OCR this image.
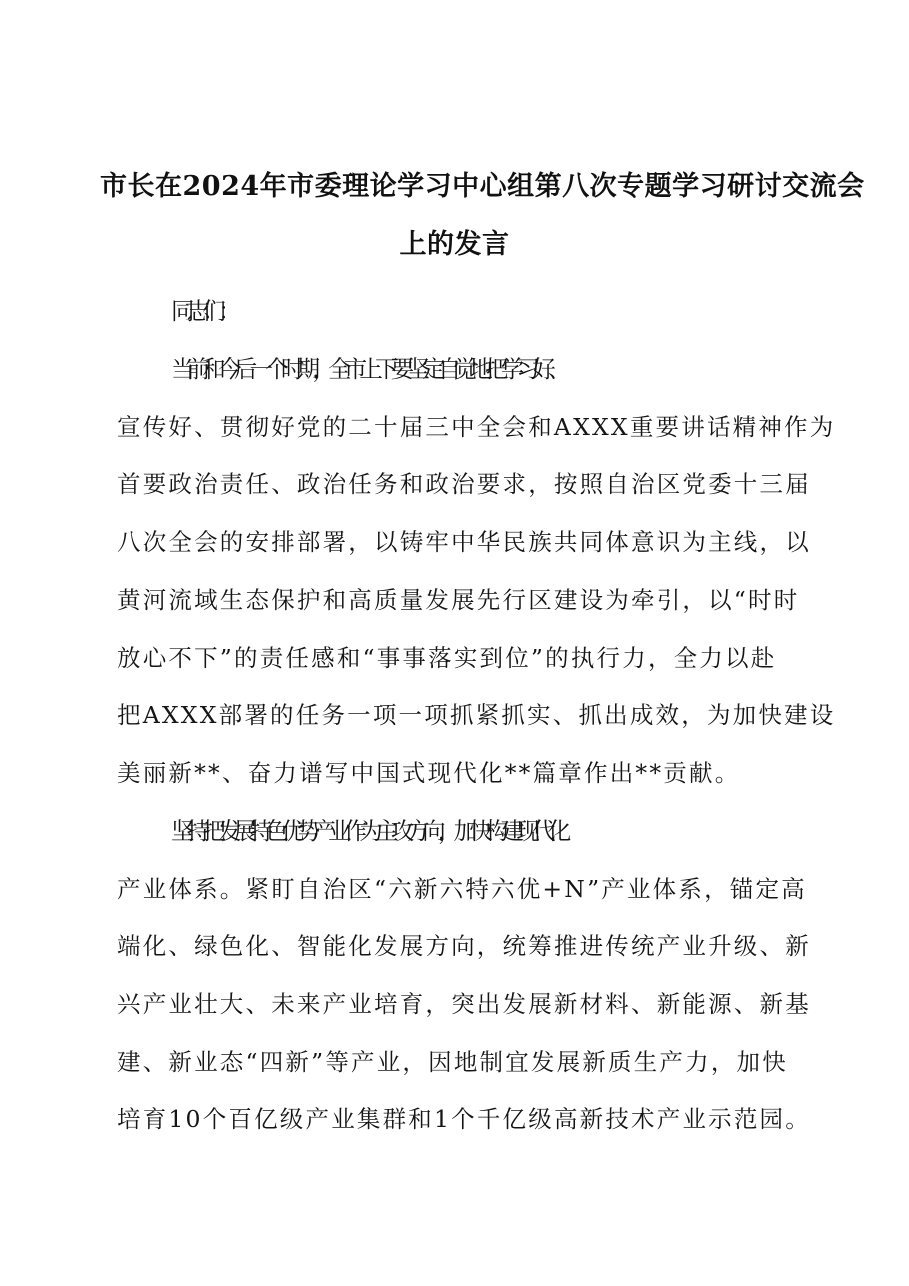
市长在2024年市委理论学习中心组第八次专题学习研讨交流会
上的发言
同志们：
当前和今后一个时期，全市上下要坚定自觉地把学习好、
宣传好、贯彻好党的二十届三中全会和AXXX重要讲话精神作为
首要政治责任、政治任务和政治要求，按照自治区党委十三届
八次全会的安排部署，以铸牢中华民族共同体意识为主线，以
黄河流域生态保护和高质量发展先行区建设为牵引，以“时时
放心不下”的责任感和“事事落实到位”的执行力，全力以赴
把AXXX部署的任务一项一项抓紧抓实、抓出成效，为加快建设
美丽新**、奋力谱写中国式现代化**篇章作出**贡献。
坚持把发展特色优势产业作为主攻方向，加快构建现代化
产业体系。紧盯自治区“六新六特六优+N”产业体系，锚定高
端化、绿色化、智能化发展方向，统筹推进传统产业升级、新
兴产业壮大、未来产业培育，突出发展新材料、新能源、新基
建、新业态“四新”等产业，因地制宜发展新质生产力，加快
培育10个百亿级产业集群和1个千亿级高新技术产业示范园。
